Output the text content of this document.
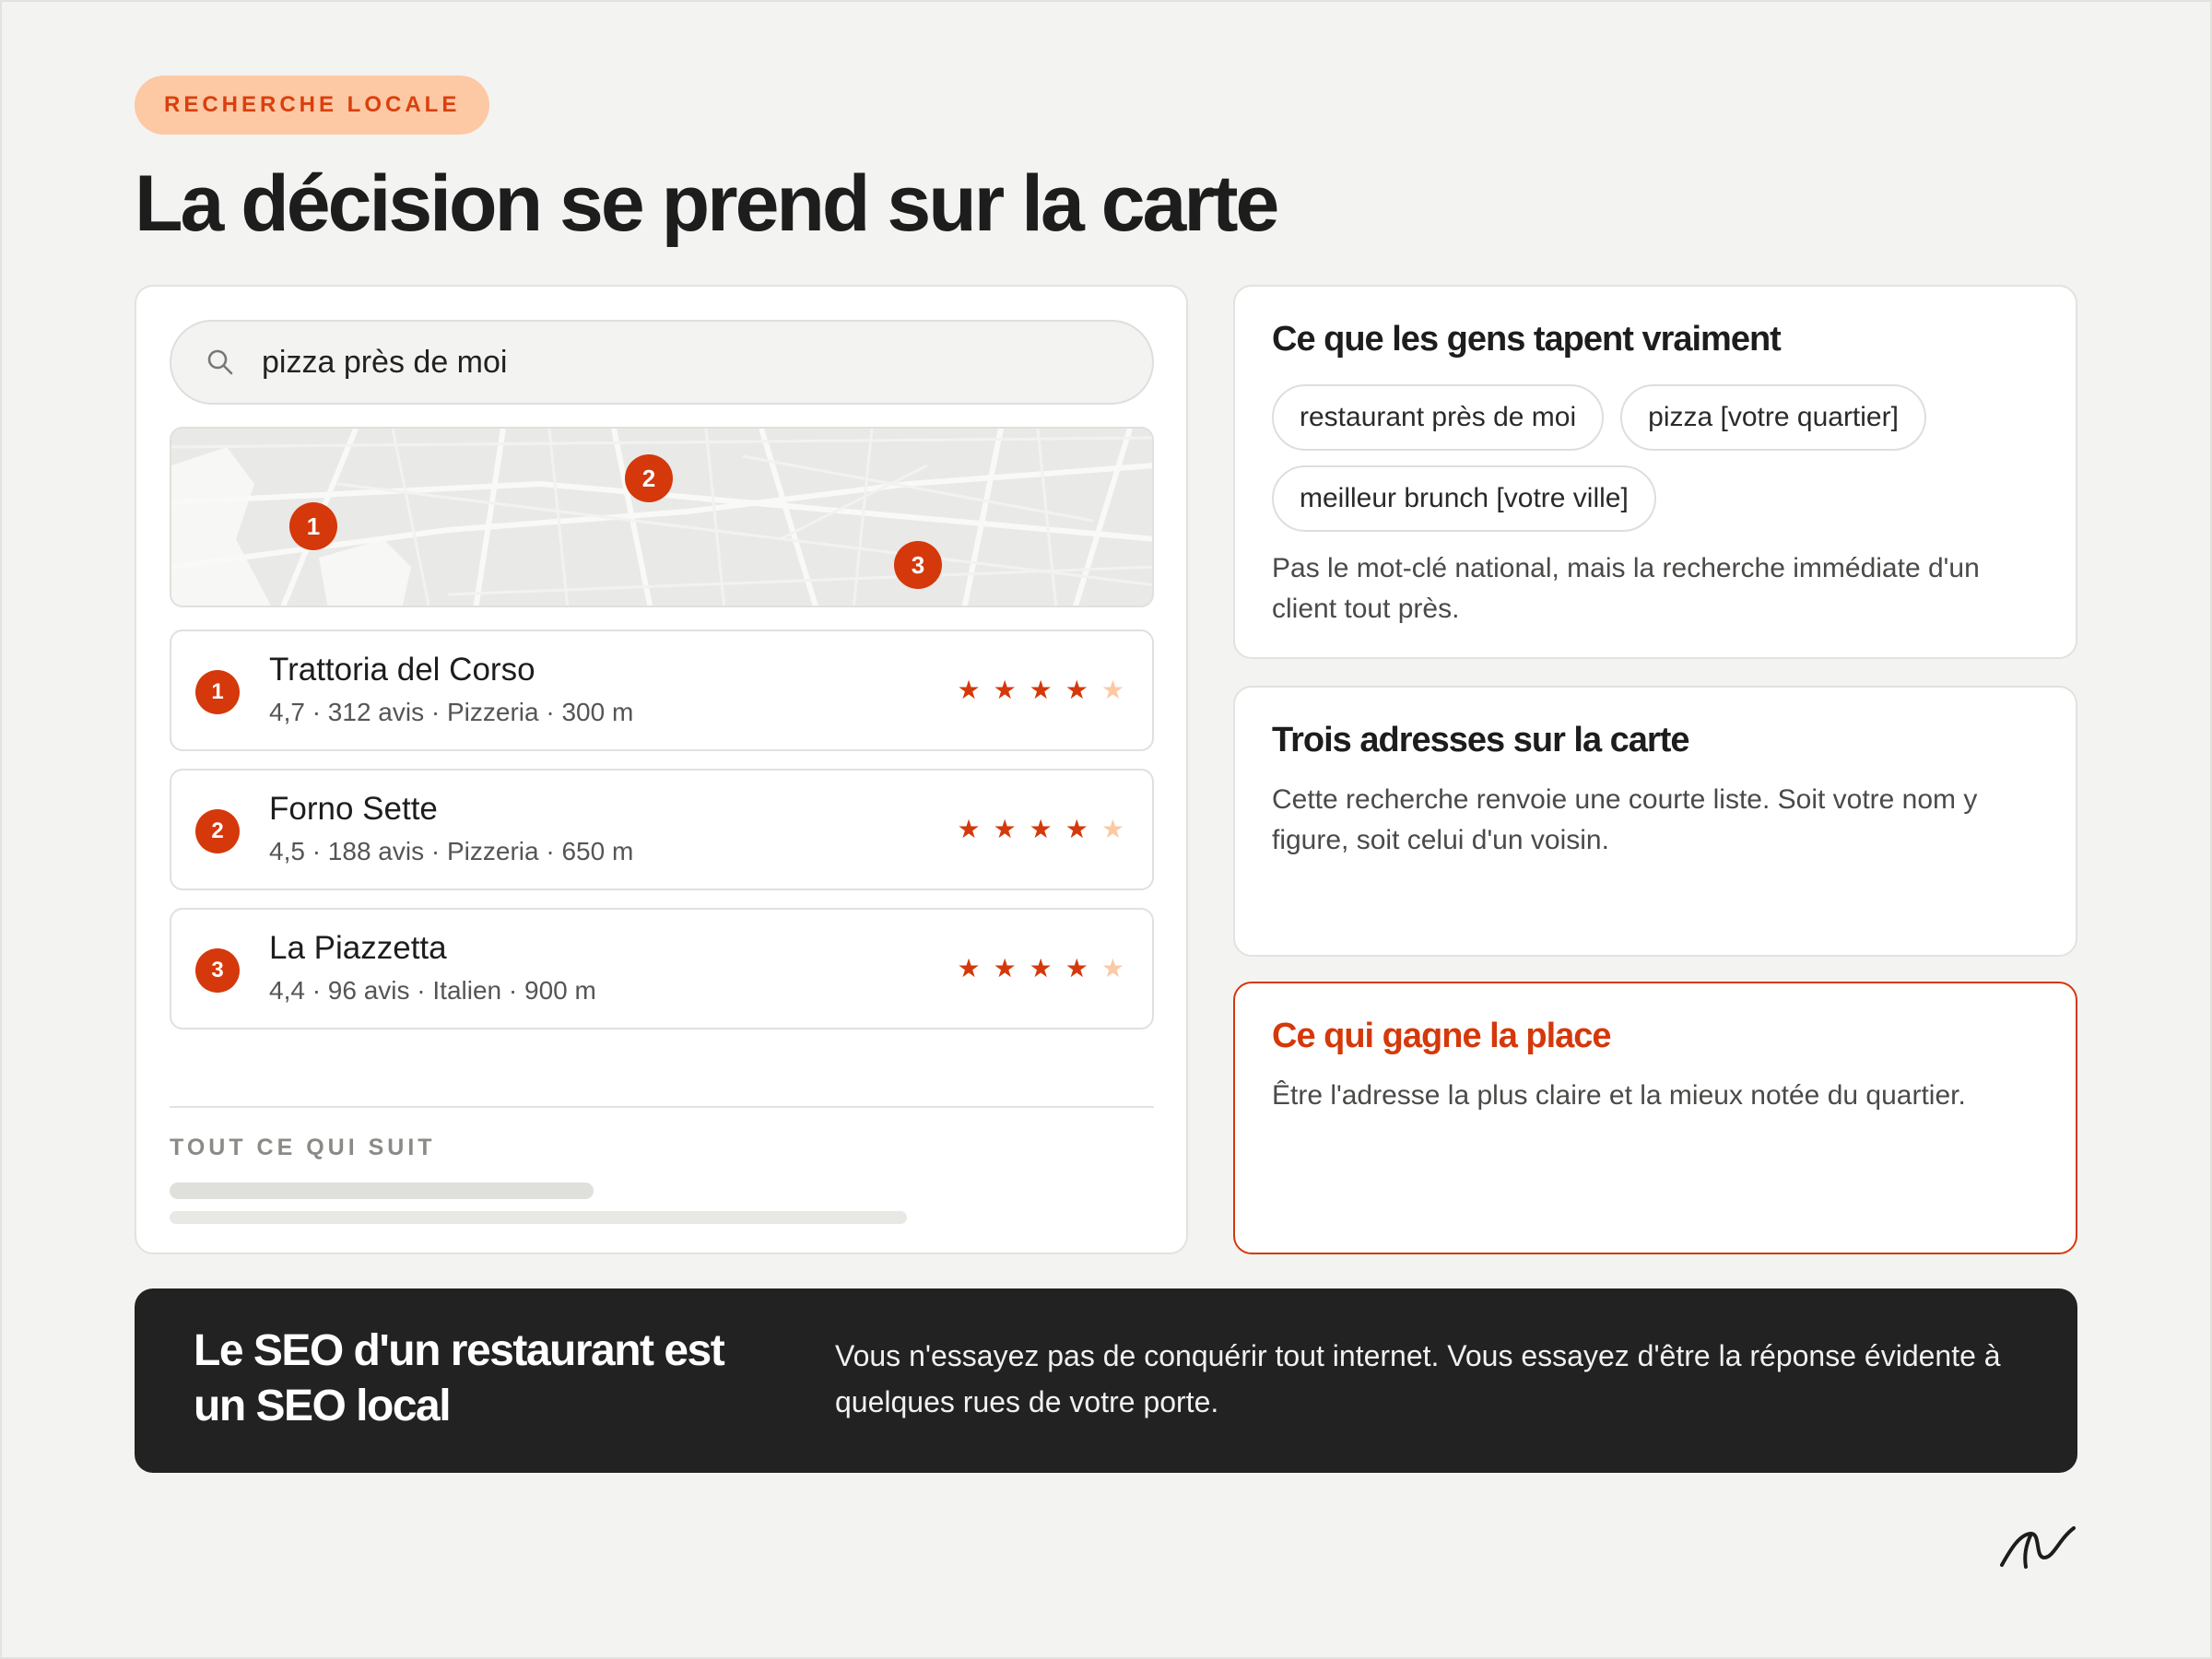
RECHERCHE LOCALE
La décision se prend sur la carte
pizza près de moi
1
2
3
1
Trattoria del Corso
4,7 · 312 avis · Pizzeria · 300 m
★ ★ ★ ★ ★
2
Forno Sette
4,5 · 188 avis · Pizzeria · 650 m
★ ★ ★ ★ ★
3
La Piazzetta
4,4 · 96 avis · Italien · 900 m
★ ★ ★ ★ ★
TOUT CE QUI SUIT
Ce que les gens tapent vraiment
restaurant près de moi	pizza [votre quartier]
meilleur brunch [votre ville]
Pas le mot-clé national, mais la recherche immédiate d'un client tout près.
Trois adresses sur la carte
Cette recherche renvoie une courte liste. Soit votre nom y figure, soit celui d'un voisin.
Ce qui gagne la place
Être l'adresse la plus claire et la mieux notée du quartier.
Le SEO d'un restaurant est un SEO local
Vous n'essayez pas de conquérir tout internet. Vous essayez d'être la réponse évidente à quelques rues de votre porte.
